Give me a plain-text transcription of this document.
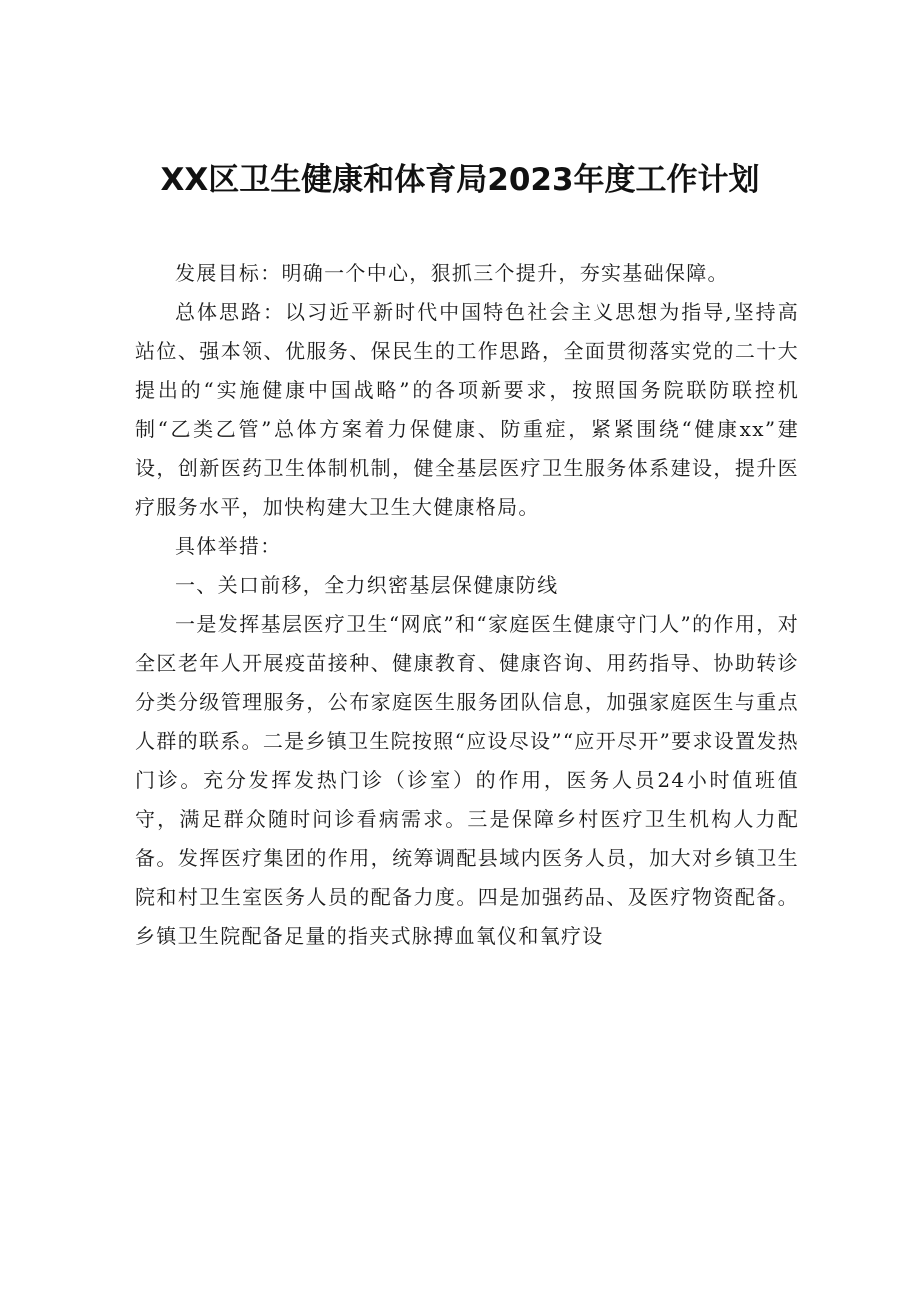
XX区卫生健康和体育局2023年度工作计划

发展目标：明确一个中心，狠抓三个提升，夯实基础保障。

总体思路：以习近平新时代中国特色社会主义思想为指导,坚持高站位、强本领、优服务、保民生的工作思路，全面贯彻落实党的二十大提出的“实施健康中国战略”的各项新要求，按照国务院联防联控机制“乙类乙管”总体方案着力保健康、防重症，紧紧围绕“健康xx”建设，创新医药卫生体制机制，健全基层医疗卫生服务体系建设，提升医疗服务水平，加快构建大卫生大健康格局。

具体举措：

一、关口前移，全力织密基层保健康防线

一是发挥基层医疗卫生“网底”和“家庭医生健康守门人”的作用，对全区老年人开展疫苗接种、健康教育、健康咨询、用药指导、协助转诊分类分级管理服务，公布家庭医生服务团队信息，加强家庭医生与重点人群的联系。二是乡镇卫生院按照“应设尽设”“应开尽开”要求设置发热门诊。充分发挥发热门诊（诊室）的作用，医务人员24小时值班值守，满足群众随时问诊看病需求。三是保障乡村医疗卫生机构人力配备。发挥医疗集团的作用，统筹调配县域内医务人员，加大对乡镇卫生院和村卫生室医务人员的配备力度。四是加强药品、及医疗物资配备。乡镇卫生院配备足量的指夹式脉搏血氧仪和氧疗设
